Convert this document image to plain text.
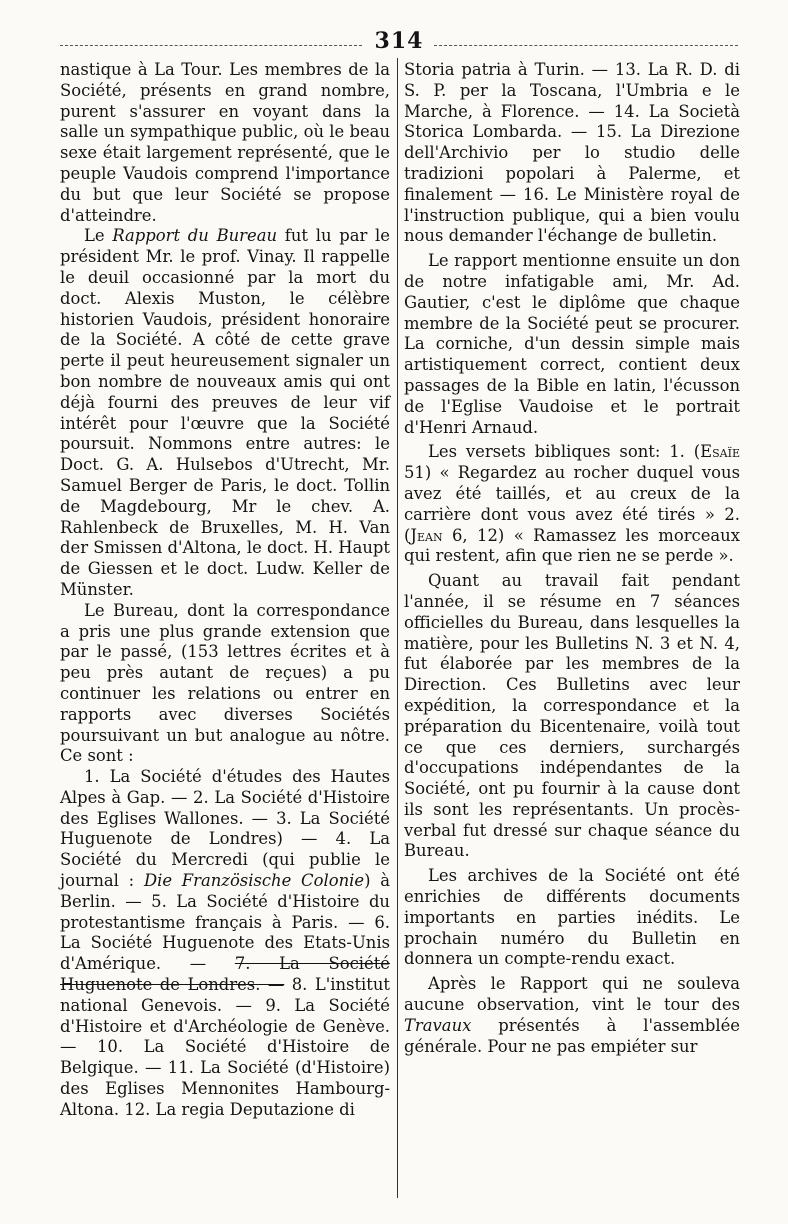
314

nastique à La Tour. Les membres de la Société, présents en grand nombre, purent s'assurer en voyant dans la salle un sympathique public, où le beau sexe était largement représenté, que le peuple Vaudois comprend l'importance du but que leur Société se propose d'atteindre.

Le Rapport du Bureau fut lu par le président Mr. le prof. Vinay. Il rappelle le deuil occasionné par la mort du doct. Alexis Muston, le célèbre historien Vaudois, président honoraire de la Société. A côté de cette grave perte il peut heureusement signaler un bon nombre de nouveaux amis qui ont déjà fourni des preuves de leur vif intérêt pour l'œuvre que la Société poursuit. Nommons entre autres: le Doct. G. A. Hulsebos d'Utrecht, Mr. Samuel Berger de Paris, le doct. Tollin de Magdebourg, Mr le chev. A. Rahlenbeck de Bruxelles, M. H. Van der Smissen d'Altona, le doct. H. Haupt de Giessen et le doct. Ludw. Keller de Münster.

Le Bureau, dont la correspondance a pris une plus grande extension que par le passé, (153 lettres écrites et à peu près autant de reçues) a pu continuer les relations ou entrer en rapports avec diverses Sociétés poursuivant un but analogue au nôtre. Ce sont :

1. La Société d'études des Hautes Alpes à Gap. — 2. La Société d'Histoire des Eglises Wallones. — 3. La Société Huguenote de Londres) — 4. La Société du Mercredi (qui publie le journal : Die Französische Colonie) à Berlin. — 5. La Société d'Histoire du protestantisme français à Paris. — 6. La Société Huguenote des Etats-Unis d'Amérique. — 7. La Société Huguenote de Londres. — 8. L'institut national Genevois. — 9. La Société d'Histoire et d'Archéologie de Genève. — 10. La Société d'Histoire de Belgique. — 11. La Société (d'Histoire) des Eglises Mennonites Hambourg-Altona. 12. La regia Deputazione di

Storia patria à Turin. — 13. La R. D. di S. P. per la Toscana, l'Umbria e le Marche, à Florence. — 14. La Società Storica Lombarda. — 15. La Direzione dell'Archivio per lo studio delle tradizioni popolari à Palerme, et finalement — 16. Le Ministère royal de l'instruction publique, qui a bien voulu nous demander l'échange de bulletin.

Le rapport mentionne ensuite un don de notre infatigable ami, Mr. Ad. Gautier, c'est le diplôme que chaque membre de la Société peut se procurer. La corniche, d'un dessin simple mais artistiquement correct, contient deux passages de la Bible en latin, l'écusson de l'Eglise Vaudoise et le portrait d'Henri Arnaud.

Les versets bibliques sont: 1. (Esaïe 51) « Regardez au rocher duquel vous avez été taillés, et au creux de la carrière dont vous avez été tirés » 2. (Jean 6, 12) « Ramassez les morceaux qui restent, afin que rien ne se perde ».

Quant au travail fait pendant l'année, il se résume en 7 séances officielles du Bureau, dans lesquelles la matière, pour les Bulletins N. 3 et N. 4, fut élaborée par les membres de la Direction. Ces Bulletins avec leur expédition, la correspondance et la préparation du Bicentenaire, voilà tout ce que ces derniers, surchargés d'occupations indépendantes de la Société, ont pu fournir à la cause dont ils sont les représentants. Un procès-verbal fut dressé sur chaque séance du Bureau.

Les archives de la Société ont été enrichies de différents documents importants en parties inédits. Le prochain numéro du Bulletin en donnera un compte-rendu exact.

Après le Rapport qui ne souleva aucune observation, vint le tour des Travaux présentés à l'assemblée générale. Pour ne pas empiéter sur
